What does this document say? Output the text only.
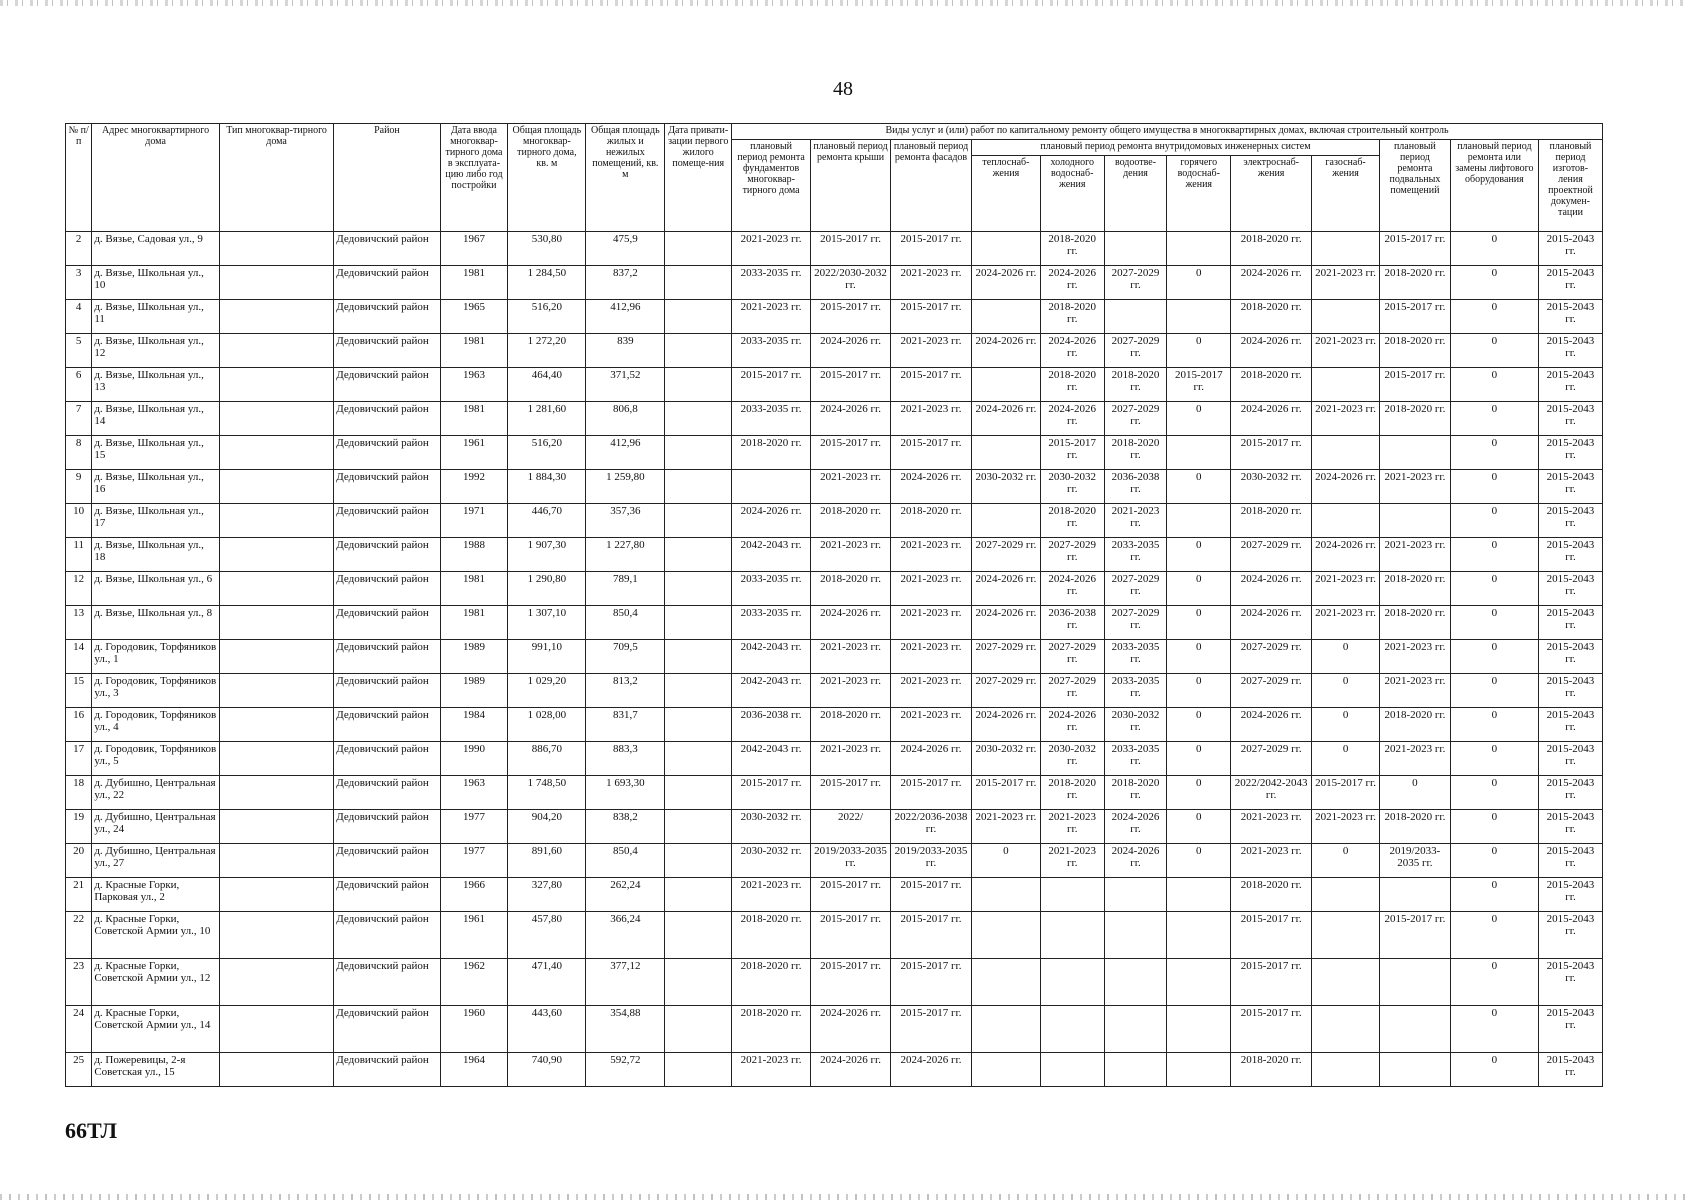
48
№ п/п	Адрес многоквартирного дома	Тип многоквар-тирного дома	Район	Дата ввода многоквар-тирного дома в эксплуата-цию либо год постройки	Общая площадь многоквар-тирного дома, кв. м	Общая площадь жилых и нежилых помещений, кв. м	Дата привати-зации первого жилого помеще-ния	Виды услуг и (или) работ по капитальному ремонту общего имущества в многоквартирных домах, включая строительный контроль											
								плановый период ремонта фундаментов многоквар-тирного дома	плановый период ремонта крыши	плановый период ремонта фасадов	плановый период ремонта внутридомовых инженерных систем						плановый период ремонта подвальных помещений	плановый период ремонта или замены лифтового оборудования	плановый период изготов-ления проектной докумен-тации
											теплоснаб-жения	холодного водоснаб-жения	водоотве-дения	горячего водоснаб-жения	электроснаб-жения	газоснаб-жения			
2	д. Вязье, Садовая ул., 9		Дедовичский район	1967	530,80	475,9		2021-2023 гг.	2015-2017 гг.	2015-2017 гг.		2018-2020 гг.			2018-2020 гг.		2015-2017 гг.	0	2015-2043 гг.
3	д. Вязье, Школьная ул., 10		Дедовичский район	1981	1 284,50	837,2		2033-2035 гг.	2022/2030-2032 гг.	2021-2023 гг.	2024-2026 гг.	2024-2026 гг.	2027-2029 гг.	0	2024-2026 гг.	2021-2023 гг.	2018-2020 гг.	0	2015-2043 гг.
4	д. Вязье, Школьная ул., 11		Дедовичский район	1965	516,20	412,96		2021-2023 гг.	2015-2017 гг.	2015-2017 гг.		2018-2020 гг.			2018-2020 гг.		2015-2017 гг.	0	2015-2043 гг.
5	д. Вязье, Школьная ул., 12		Дедовичский район	1981	1 272,20	839		2033-2035 гг.	2024-2026 гг.	2021-2023 гг.	2024-2026 гг.	2024-2026 гг.	2027-2029 гг.	0	2024-2026 гг.	2021-2023 гг.	2018-2020 гг.	0	2015-2043 гг.
6	д. Вязье, Школьная ул., 13		Дедовичский район	1963	464,40	371,52		2015-2017 гг.	2015-2017 гг.	2015-2017 гг.		2018-2020 гг.	2018-2020 гг.	2015-2017 гг.	2018-2020 гг.		2015-2017 гг.	0	2015-2043 гг.
7	д. Вязье, Школьная ул., 14		Дедовичский район	1981	1 281,60	806,8		2033-2035 гг.	2024-2026 гг.	2021-2023 гг.	2024-2026 гг.	2024-2026 гг.	2027-2029 гг.	0	2024-2026 гг.	2021-2023 гг.	2018-2020 гг.	0	2015-2043 гг.
8	д. Вязье, Школьная ул., 15		Дедовичский район	1961	516,20	412,96		2018-2020 гг.	2015-2017 гг.	2015-2017 гг.		2015-2017 гг.	2018-2020 гг.		2015-2017 гг.			0	2015-2043 гг.
9	д. Вязье, Школьная ул., 16		Дедовичский район	1992	1 884,30	1 259,80			2021-2023 гг.	2024-2026 гг.	2030-2032 гг.	2030-2032 гг.	2036-2038 гг.	0	2030-2032 гг.	2024-2026 гг.	2021-2023 гг.	0	2015-2043 гг.
10	д. Вязье, Школьная ул., 17		Дедовичский район	1971	446,70	357,36		2024-2026 гг.	2018-2020 гг.	2018-2020 гг.		2018-2020 гг.	2021-2023 гг.		2018-2020 гг.			0	2015-2043 гг.
11	д. Вязье, Школьная ул., 18		Дедовичский район	1988	1 907,30	1 227,80		2042-2043 гг.	2021-2023 гг.	2021-2023 гг.	2027-2029 гг.	2027-2029 гг.	2033-2035 гг.	0	2027-2029 гг.	2024-2026 гг.	2021-2023 гг.	0	2015-2043 гг.
12	д. Вязье, Школьная ул., 6		Дедовичский район	1981	1 290,80	789,1		2033-2035 гг.	2018-2020 гг.	2021-2023 гг.	2024-2026 гг.	2024-2026 гг.	2027-2029 гг.	0	2024-2026 гг.	2021-2023 гг.	2018-2020 гг.	0	2015-2043 гг.
13	д. Вязье, Школьная ул., 8		Дедовичский район	1981	1 307,10	850,4		2033-2035 гг.	2024-2026 гг.	2021-2023 гг.	2024-2026 гг.	2036-2038 гг.	2027-2029 гг.	0	2024-2026 гг.	2021-2023 гг.	2018-2020 гг.	0	2015-2043 гг.
14	д. Городовик, Торфяников ул., 1		Дедовичский район	1989	991,10	709,5		2042-2043 гг.	2021-2023 гг.	2021-2023 гг.	2027-2029 гг.	2027-2029 гг.	2033-2035 гг.	0	2027-2029 гг.	0	2021-2023 гг.	0	2015-2043 гг.
15	д. Городовик, Торфяников ул., 3		Дедовичский район	1989	1 029,20	813,2		2042-2043 гг.	2021-2023 гг.	2021-2023 гг.	2027-2029 гг.	2027-2029 гг.	2033-2035 гг.	0	2027-2029 гг.	0	2021-2023 гг.	0	2015-2043 гг.
16	д. Городовик, Торфяников ул., 4		Дедовичский район	1984	1 028,00	831,7		2036-2038 гг.	2018-2020 гг.	2021-2023 гг.	2024-2026 гг.	2024-2026 гг.	2030-2032 гг.	0	2024-2026 гг.	0	2018-2020 гг.	0	2015-2043 гг.
17	д. Городовик, Торфяников ул., 5		Дедовичский район	1990	886,70	883,3		2042-2043 гг.	2021-2023 гг.	2024-2026 гг.	2030-2032 гг.	2030-2032 гг.	2033-2035 гг.	0	2027-2029 гг.	0	2021-2023 гг.	0	2015-2043 гг.
18	д. Дубишно, Центральная ул., 22		Дедовичский район	1963	1 748,50	1 693,30		2015-2017 гг.	2015-2017 гг.	2015-2017 гг.	2015-2017 гг.	2018-2020 гг.	2018-2020 гг.	0	2022/2042-2043 гг.	2015-2017 гг.	0	0	2015-2043 гг.
19	д. Дубишно, Центральная ул., 24		Дедовичский район	1977	904,20	838,2		2030-2032 гг.	2022/	2022/2036-2038 гг.	2021-2023 гг.	2021-2023 гг.	2024-2026 гг.	0	2021-2023 гг.	2021-2023 гг.	2018-2020 гг.	0	2015-2043 гг.
20	д. Дубишно, Центральная ул., 27		Дедовичский район	1977	891,60	850,4		2030-2032 гг.	2019/2033-2035 гг.	2019/2033-2035 гг.	0	2021-2023 гг.	2024-2026 гг.	0	2021-2023 гг.	0	2019/2033-2035 гг.	0	2015-2043 гг.
21	д. Красные Горки, Парковая ул., 2		Дедовичский район	1966	327,80	262,24		2021-2023 гг.	2015-2017 гг.	2015-2017 гг.					2018-2020 гг.			0	2015-2043 гг.
22	д. Красные Горки, Советской Армии ул., 10		Дедовичский район	1961	457,80	366,24		2018-2020 гг.	2015-2017 гг.	2015-2017 гг.					2015-2017 гг.		2015-2017 гг.	0	2015-2043 гг.
23	д. Красные Горки, Советской Армии ул., 12		Дедовичский район	1962	471,40	377,12		2018-2020 гг.	2015-2017 гг.	2015-2017 гг.					2015-2017 гг.			0	2015-2043 гг.
24	д. Красные Горки, Советской Армии ул., 14		Дедовичский район	1960	443,60	354,88		2018-2020 гг.	2024-2026 гг.	2015-2017 гг.					2015-2017 гг.			0	2015-2043 гг.
25	д. Пожеревицы, 2-я Советская ул., 15		Дедовичский район	1964	740,90	592,72		2021-2023 гг.	2024-2026 гг.	2024-2026 гг.					2018-2020 гг.			0	2015-2043 гг.
66ТЛ
